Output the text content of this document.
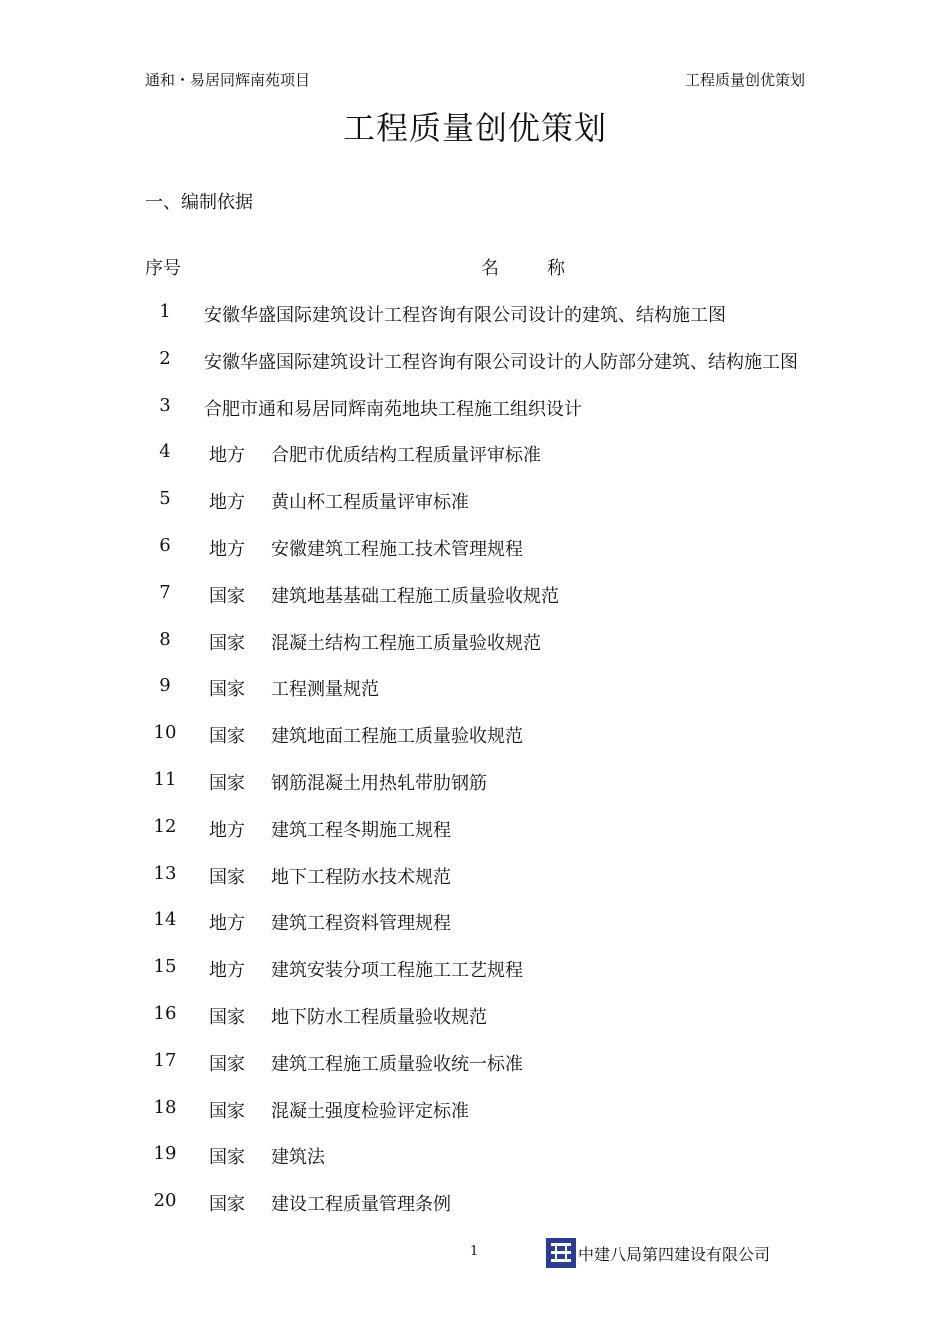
通和・易居同辉南苑项目	工程质量创优策划
工程质量创优策划
一、编制依据
序号	名	称
1	安徽华盛国际建筑设计工程咨询有限公司设计的建筑、结构施工图
2	安徽华盛国际建筑设计工程咨询有限公司设计的人防部分建筑、结构施工图
3	合肥市通和易居同辉南苑地块工程施工组织设计
4	地方 合肥市优质结构工程质量评审标准
5	地方 黄山杯工程质量评审标准
6	地方 安徽建筑工程施工技术管理规程
7	国家 建筑地基基础工程施工质量验收规范
8	国家 混凝土结构工程施工质量验收规范
9	国家 工程测量规范
10	国家 建筑地面工程施工质量验收规范
11	国家 钢筋混凝土用热轧带肋钢筋
12	地方 建筑工程冬期施工规程
13	国家 地下工程防水技术规范
14	地方 建筑工程资料管理规程
15	地方 建筑安装分项工程施工工艺规程
16	国家 地下防水工程质量验收规范
17	国家 建筑工程施工质量验收统一标准
18	国家 混凝土强度检验评定标准
19	国家 建筑法
20	国家 建设工程质量管理条例
1	中建八局第四建设有限公司
